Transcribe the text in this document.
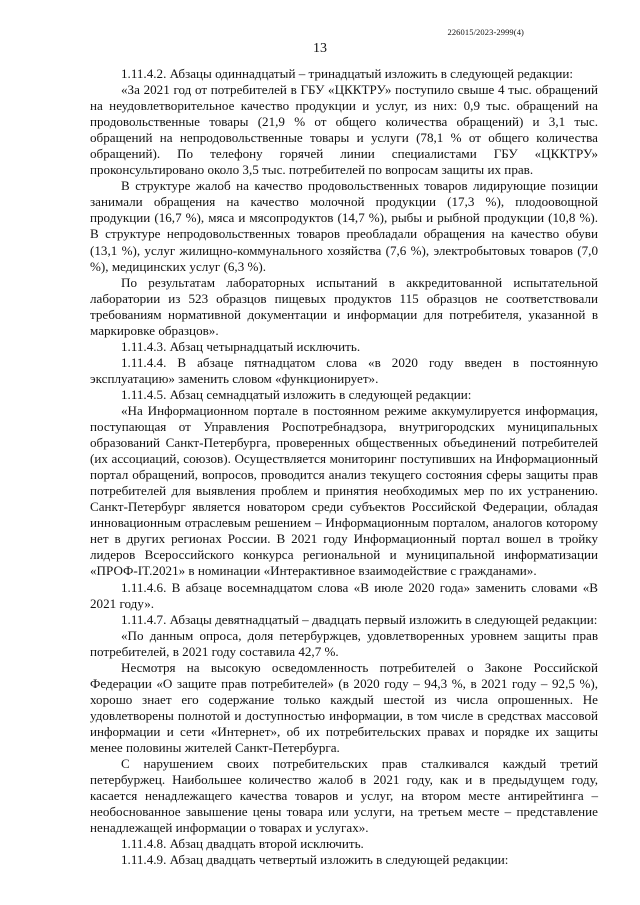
226015/2023-2999(4)
13

1.11.4.2. Абзацы одиннадцатый – тринадцатый изложить в следующей редакции:

«За 2021 год от потребителей в ГБУ «ЦККТРУ» поступило свыше 4 тыс. обращений на неудовлетворительное качество продукции и услуг, из них: 0,9 тыс. обращений на продовольственные товары (21,9 % от общего количества обращений) и 3,1 тыс. обращений на непродовольственные товары и услуги (78,1 % от общего количества обращений). По телефону горячей линии специалистами ГБУ «ЦККТРУ» проконсультировано около 3,5 тыс. потребителей по вопросам защиты их прав.

В структуре жалоб на качество продовольственных товаров лидирующие позиции занимали обращения на качество молочной продукции (17,3 %), плодоовощной продукции (16,7 %), мяса и мясопродуктов (14,7 %), рыбы и рыбной продукции (10,8 %). В структуре непродовольственных товаров преобладали обращения на качество обуви (13,1 %), услуг жилищно-коммунального хозяйства (7,6 %), электробытовых товаров (7,0 %), медицинских услуг (6,3 %).

По результатам лабораторных испытаний в аккредитованной испытательной лаборатории из 523 образцов пищевых продуктов 115 образцов не соответствовали требованиям нормативной документации и информации для потребителя, указанной в маркировке образцов».

1.11.4.3. Абзац четырнадцатый исключить.

1.11.4.4. В абзаце пятнадцатом слова «в 2020 году введен в постоянную эксплуатацию» заменить словом «функционирует».

1.11.4.5. Абзац семнадцатый изложить в следующей редакции:

«На Информационном портале в постоянном режиме аккумулируется информация, поступающая от Управления Роспотребнадзора, внутригородских муниципальных образований Санкт-Петербурга, проверенных общественных объединений потребителей (их ассоциаций, союзов). Осуществляется мониторинг поступивших на Информационный портал обращений, вопросов, проводится анализ текущего состояния сферы защиты прав потребителей для выявления проблем и принятия необходимых мер по их устранению. Санкт-Петербург является новатором среди субъектов Российской Федерации, обладая инновационным отраслевым решением – Информационным порталом, аналогов которому нет в других регионах России. В 2021 году Информационный портал вошел в тройку лидеров Всероссийского конкурса региональной и муниципальной информатизации «ПРОФ-IT.2021» в номинации «Интерактивное взаимодействие с гражданами».

1.11.4.6. В абзаце восемнадцатом слова «В июле 2020 года» заменить словами «В 2021 году».

1.11.4.7. Абзацы девятнадцатый – двадцать первый изложить в следующей редакции:

«По данным опроса, доля петербуржцев, удовлетворенных уровнем защиты прав потребителей, в 2021 году составила 42,7 %.

Несмотря на высокую осведомленность потребителей о Законе Российской Федерации «О защите прав потребителей» (в 2020 году – 94,3 %, в 2021 году – 92,5 %), хорошо знает его содержание только каждый шестой из числа опрошенных. Не удовлетворены полнотой и доступностью информации, в том числе в средствах массовой информации и сети «Интернет», об их потребительских правах и порядке их защиты менее половины жителей Санкт-Петербурга.

С нарушением своих потребительских прав сталкивался каждый третий петербуржец. Наибольшее количество жалоб в 2021 году, как и в предыдущем году, касается ненадлежащего качества товаров и услуг, на втором месте антирейтинга – необоснованное завышение цены товара или услуги, на третьем месте – представление ненадлежащей информации о товарах и услугах».

1.11.4.8. Абзац двадцать второй исключить.

1.11.4.9. Абзац двадцать четвертый изложить в следующей редакции:
